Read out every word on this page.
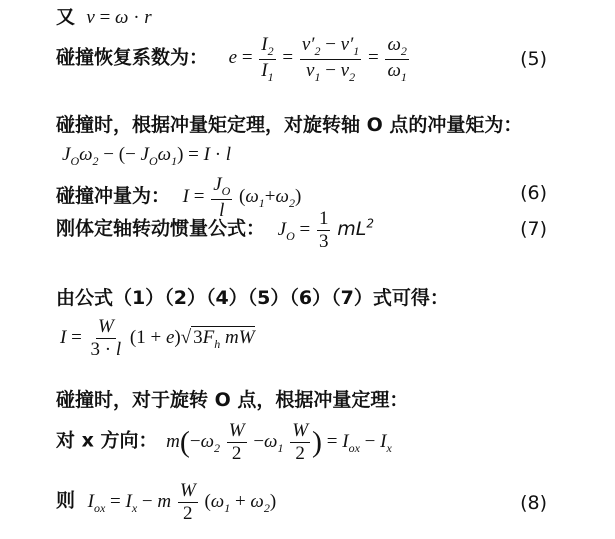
又  ν = ω · r
碰撞恢复系数为： $e = \frac{I_2}{I_1} = \frac{\nu'_2 - \nu'_1}{\nu_1 - \nu_2} = \frac{\omega_2}{\omega_1}$	(5)
碰撞时，根据冲量矩定理，对旋转轴 O 点的冲量矩为：
$J_O\omega_2$ − (− $J_O\omega_1) = I \cdot l$
碰撞冲量为： $I = \frac{J_O}{l} (\omega_1+\omega_2)$	(6)
刚体定轴转动惯量公式： $J_O = \frac{1}{3} mL^2$	(7)
由公式（1）（2）（4）（5）（6）（7）式可得：
$I = \frac{W}{3 \cdot l} (1 + e)√$ $3F_h$ mW
碰撞时，对于旋转 O 点，根据冲量定理：
对 x 方向： $m(-\omega_2 \frac{W}{2} -\omega_1 \frac{W}{2}$ ) = $I_{ox} - I_x$
则 $I_{ox} = I_x - m \frac{W}{2} (\omega_1 + \omega_2)$	(8)
